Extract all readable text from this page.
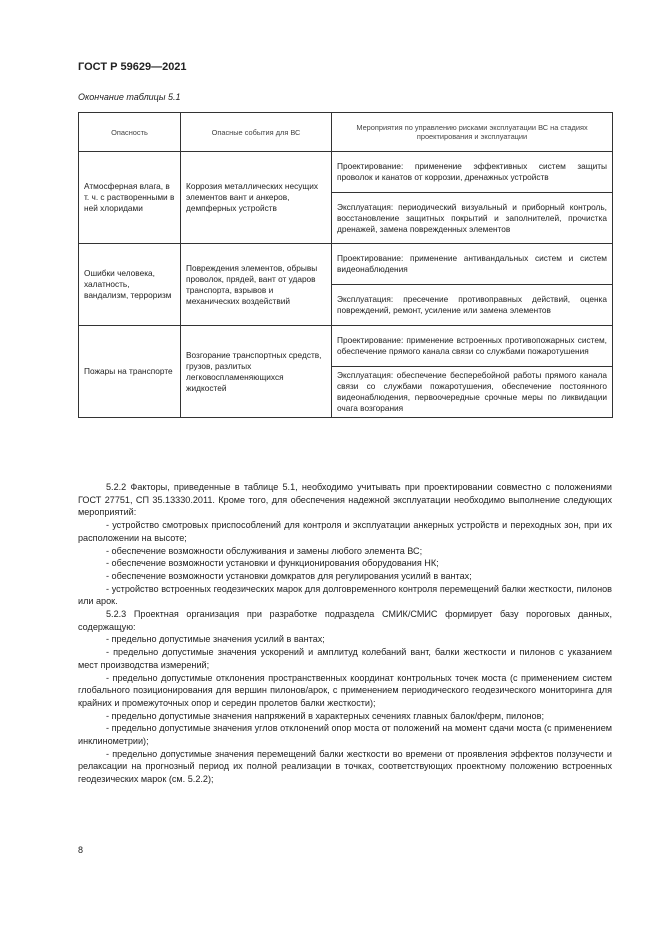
ГОСТ Р 59629—2021
Окончание таблицы 5.1
Опасность	Опасные события для ВС	Мероприятия по управлению рисками эксплуатации ВС на стадиях проектирования и эксплуатации
Атмосферная влага, в т. ч. с растворенными в ней хлоридами	Коррозия металлических несущих элементов вант и анкеров, демпферных устройств	Проектирование: применение эффективных систем защиты проволок и канатов от коррозии, дренажных устройств
		Эксплуатация: периодический визуальный и приборный контроль, восстановление защитных покрытий и заполнителей, прочистка дренажей, замена поврежденных элементов
Ошибки человека, халатность, вандализм, терроризм	Повреждения элементов, обрывы проволок, прядей, вант от ударов транспорта, взрывов и механических воздействий	Проектирование: применение антивандальных систем и систем видеонаблюдения
		Эксплуатация: пресечение противоправных действий, оценка повреждений, ремонт, усиление или замена элементов
Пожары на транспорте	Возгорание транспортных средств, грузов, разлитых легковоспламеняющихся жидкостей	Проектирование: применение встроенных противопожарных систем, обеспечение прямого канала связи со службами пожаротушения
		Эксплуатация: обеспечение бесперебойной работы прямого канала связи со службами пожаротушения, обеспечение постоянного видеонаблюдения, первоочередные срочные меры по ликвидации очага возгорания

5.2.2 Факторы, приведенные в таблице 5.1, необходимо учитывать при проектировании совместно с положениями ГОСТ 27751, СП 35.13330.2011. Кроме того, для обеспечения надежной эксплуатации необходимо выполнение следующих мероприятий:

- устройство смотровых приспособлений для контроля и эксплуатации анкерных устройств и переходных зон, при их расположении на высоте;

- обеспечение возможности обслуживания и замены любого элемента ВС;

- обеспечение возможности установки и функционирования оборудования НК;

- обеспечение возможности установки домкратов для регулирования усилий в вантах;

- устройство встроенных геодезических марок для долговременного контроля перемещений балки жесткости, пилонов или арок.

5.2.3 Проектная организация при разработке подраздела СМИК/СМИС формирует базу пороговых данных, содержащую:

- предельно допустимые значения усилий в вантах;

- предельно допустимые значения ускорений и амплитуд колебаний вант, балки жесткости и пилонов с указанием мест производства измерений;

- предельно допустимые отклонения пространственных координат контрольных точек моста (с применением систем глобального позиционирования для вершин пилонов/арок, с применением периодического геодезического мониторинга для крайних и промежуточных опор и середин пролетов балки жесткости);

- предельно допустимые значения напряжений в характерных сечениях главных балок/ферм, пилонов;

- предельно допустимые значения углов отклонений опор моста от положений на момент сдачи моста (с применением инклинометрии);

- предельно допустимые значения перемещений балки жесткости во времени от проявления эффектов ползучести и релаксации на прогнозный период их полной реализации в точках, соответствующих проектному положению встроенных геодезических марок (см. 5.2.2);

8
